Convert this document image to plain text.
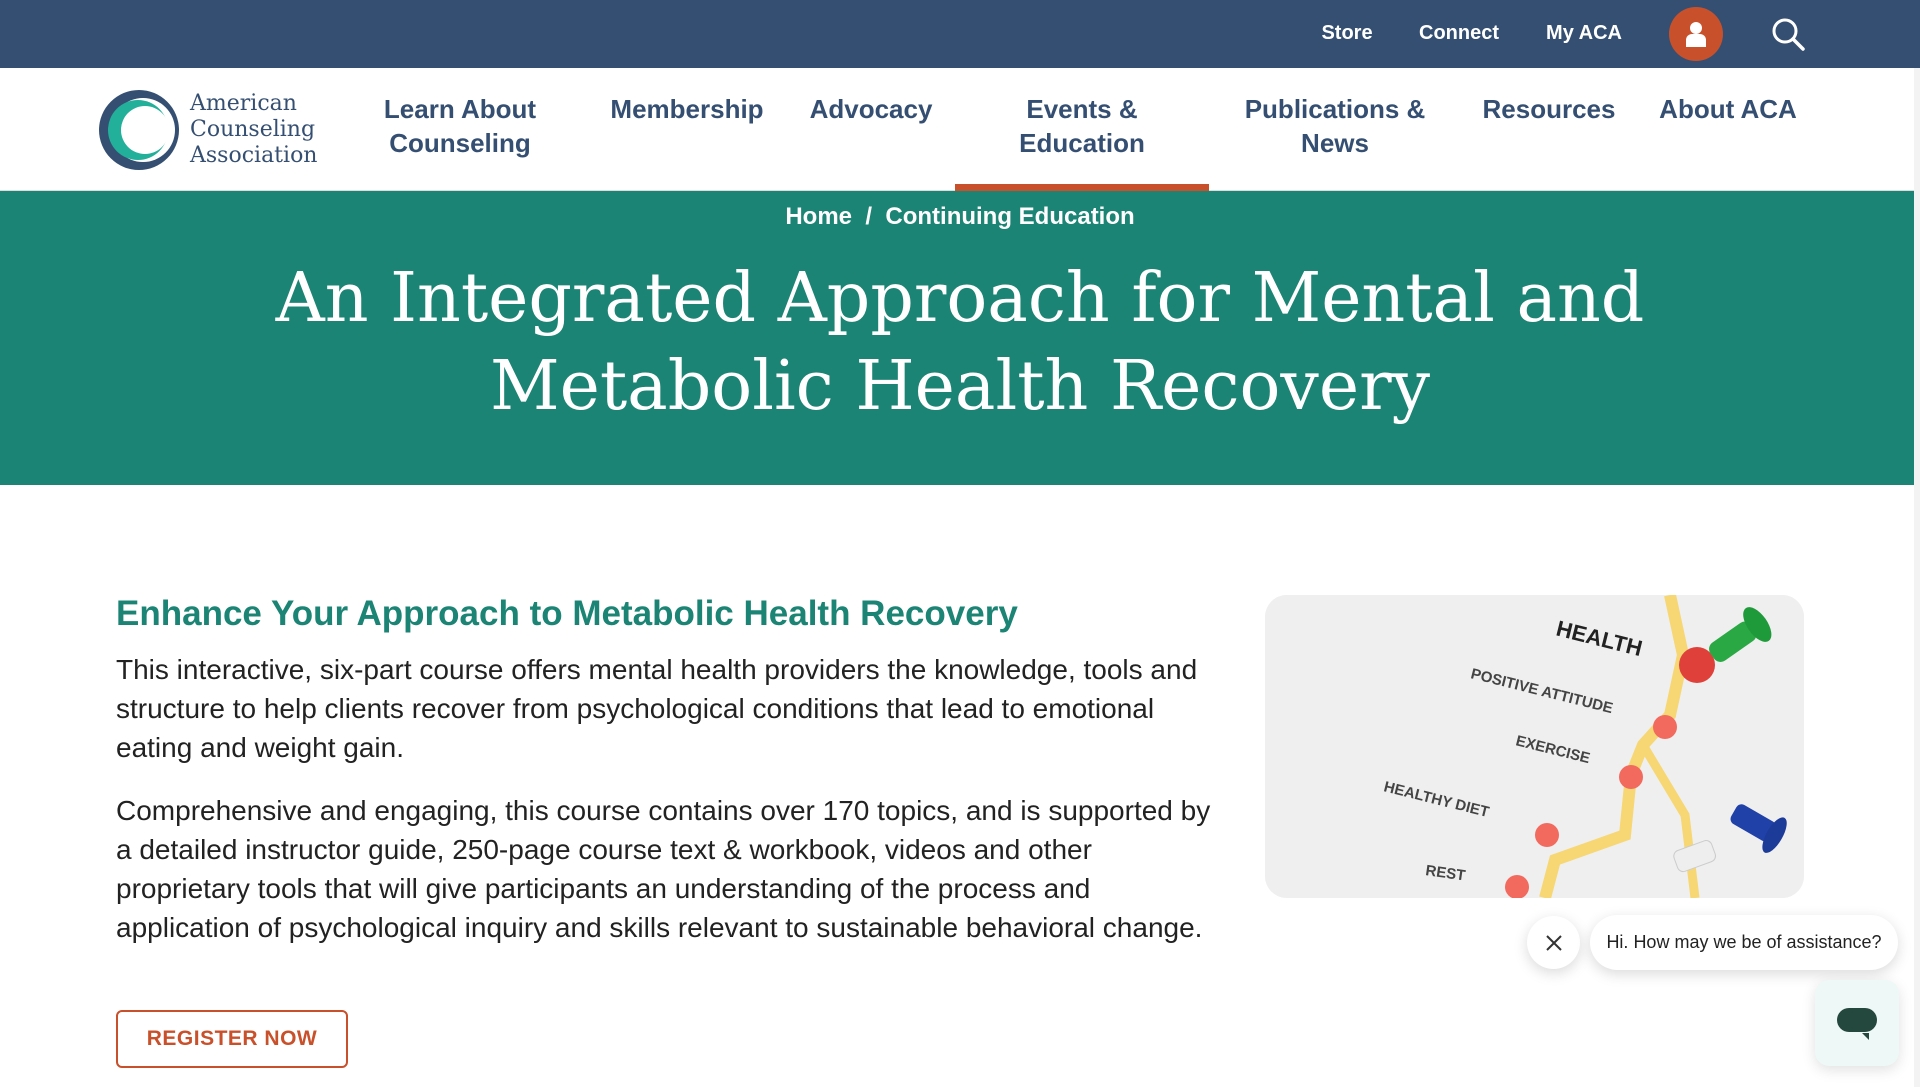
Store Connect My ACA
American
Counseling
Association
Learn About
Counseling
Membership Advocacy	Events &
Education
Publications &
News
Resources About ACA
Home / Continuing Education
An Integrated Approach for Mental and Metabolic Health Recovery
Enhance Your Approach to Metabolic Health Recovery

This interactive, six-part course offers mental health providers the knowledge, tools and structure to help clients recover from psychological conditions that lead to emotional eating and weight gain.

Comprehensive and engaging, this course contains over 170 topics, and is supported by a detailed instructor guide, 250-page course text & workbook, videos and other proprietary tools that will give participants an understanding of the process and application of psychological inquiry and skills relevant to sustainable behavioral change.

REGISTER NOW
HEALTH
POSITIVE ATTITUDE
EXERCISE
HEALTHY DIET
REST
Hi. How may we be of assistance?
